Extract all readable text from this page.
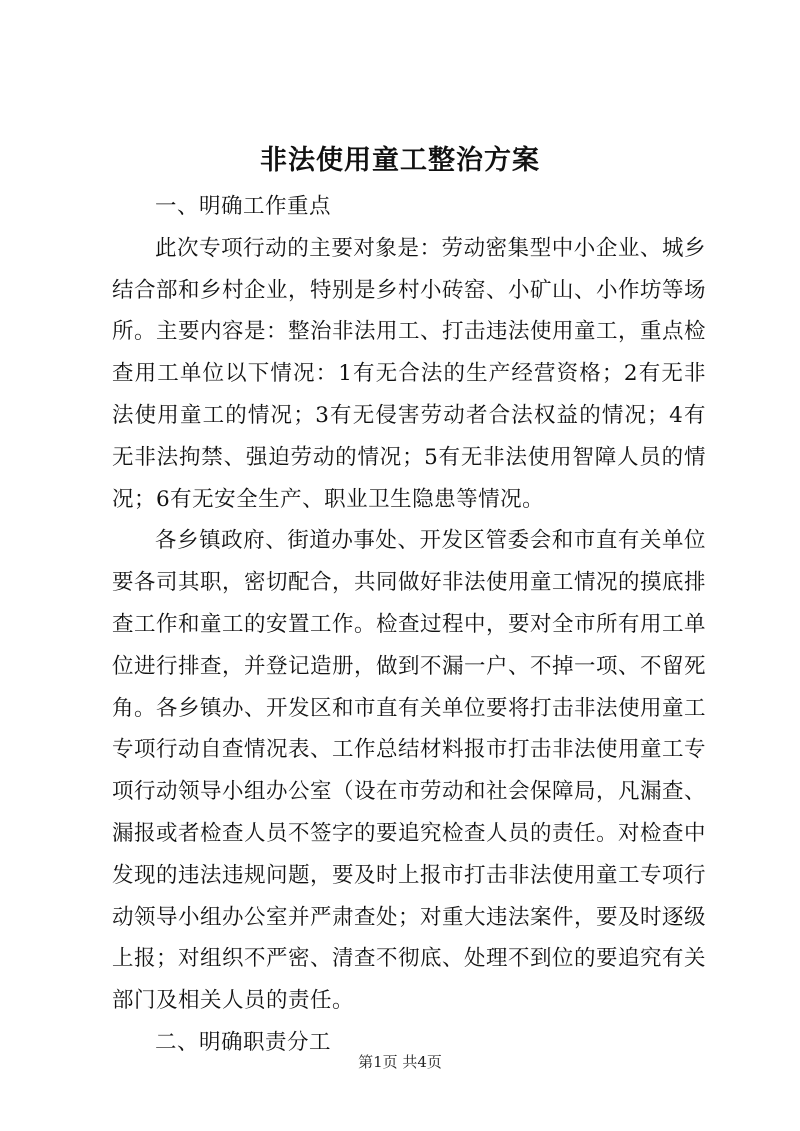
非法使用童工整治方案

一、明确工作重点

此次专项行动的主要对象是：劳动密集型中小企业、城乡结合部和乡村企业，特别是乡村小砖窑、小矿山、小作坊等场所。主要内容是：整治非法用工、打击违法使用童工，重点检查用工单位以下情况：1有无合法的生产经营资格；2有无非法使用童工的情况；3有无侵害劳动者合法权益的情况；4有无非法拘禁、强迫劳动的情况；5有无非法使用智障人员的情况；6有无安全生产、职业卫生隐患等情况。

各乡镇政府、街道办事处、开发区管委会和市直有关单位要各司其职，密切配合，共同做好非法使用童工情况的摸底排查工作和童工的安置工作。检查过程中，要对全市所有用工单位进行排查，并登记造册，做到不漏一户、不掉一项、不留死角。各乡镇办、开发区和市直有关单位要将打击非法使用童工专项行动自查情况表、工作总结材料报市打击非法使用童工专项行动领导小组办公室（设在市劳动和社会保障局，凡漏查、漏报或者检查人员不签字的要追究检查人员的责任。对检查中发现的违法违规问题，要及时上报市打击非法使用童工专项行动领导小组办公室并严肃查处；对重大违法案件，要及时逐级上报；对组织不严密、清查不彻底、处理不到位的要追究有关部门及相关人员的责任。

二、明确职责分工

第1页 共4页
